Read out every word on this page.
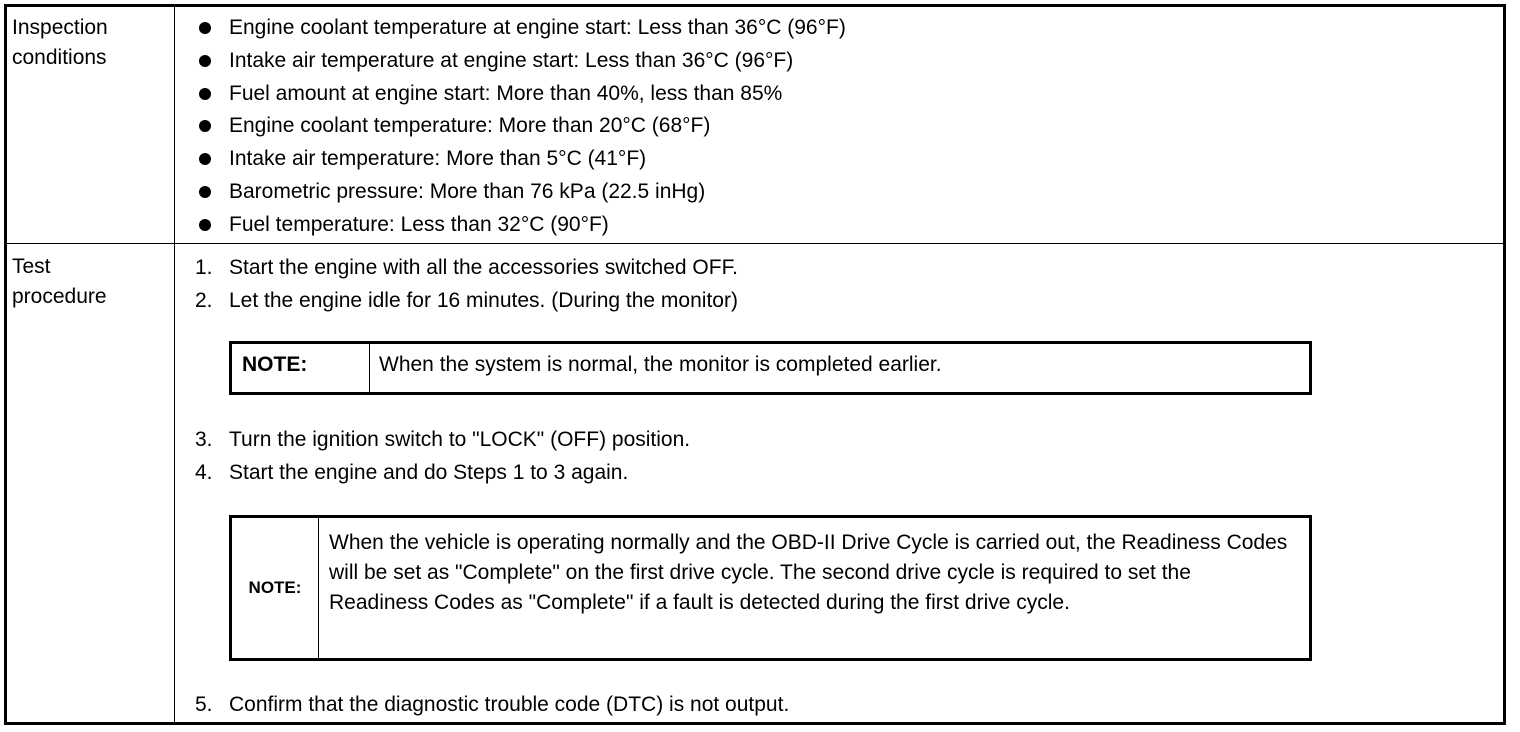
Inspection
conditions
Test
procedure
Engine coolant temperature at engine start: Less than 36°C (96°F)
Intake air temperature at engine start: Less than 36°C (96°F)
Fuel amount at engine start: More than 40%, less than 85%
Engine coolant temperature: More than 20°C (68°F)
Intake air temperature: More than 5°C (41°F)
Barometric pressure: More than 76 kPa (22.5 inHg)
Fuel temperature: Less than 32°C (90°F)
1. Start the engine with all the accessories switched OFF.
2. Let the engine idle for 16 minutes. (During the monitor)
NOTE:	When the system is normal, the monitor is completed earlier.
3. Turn the ignition switch to "LOCK" (OFF) position.
4. Start the engine and do Steps 1 to 3 again.
NOTE:
When the vehicle is operating normally and the OBD-II Drive Cycle is carried out, the Readiness Codes will be set as "Complete" on the first drive cycle. The second drive cycle is required to set the Readiness Codes as "Complete" if a fault is detected during the first drive cycle.
5. Confirm that the diagnostic trouble code (DTC) is not output.
